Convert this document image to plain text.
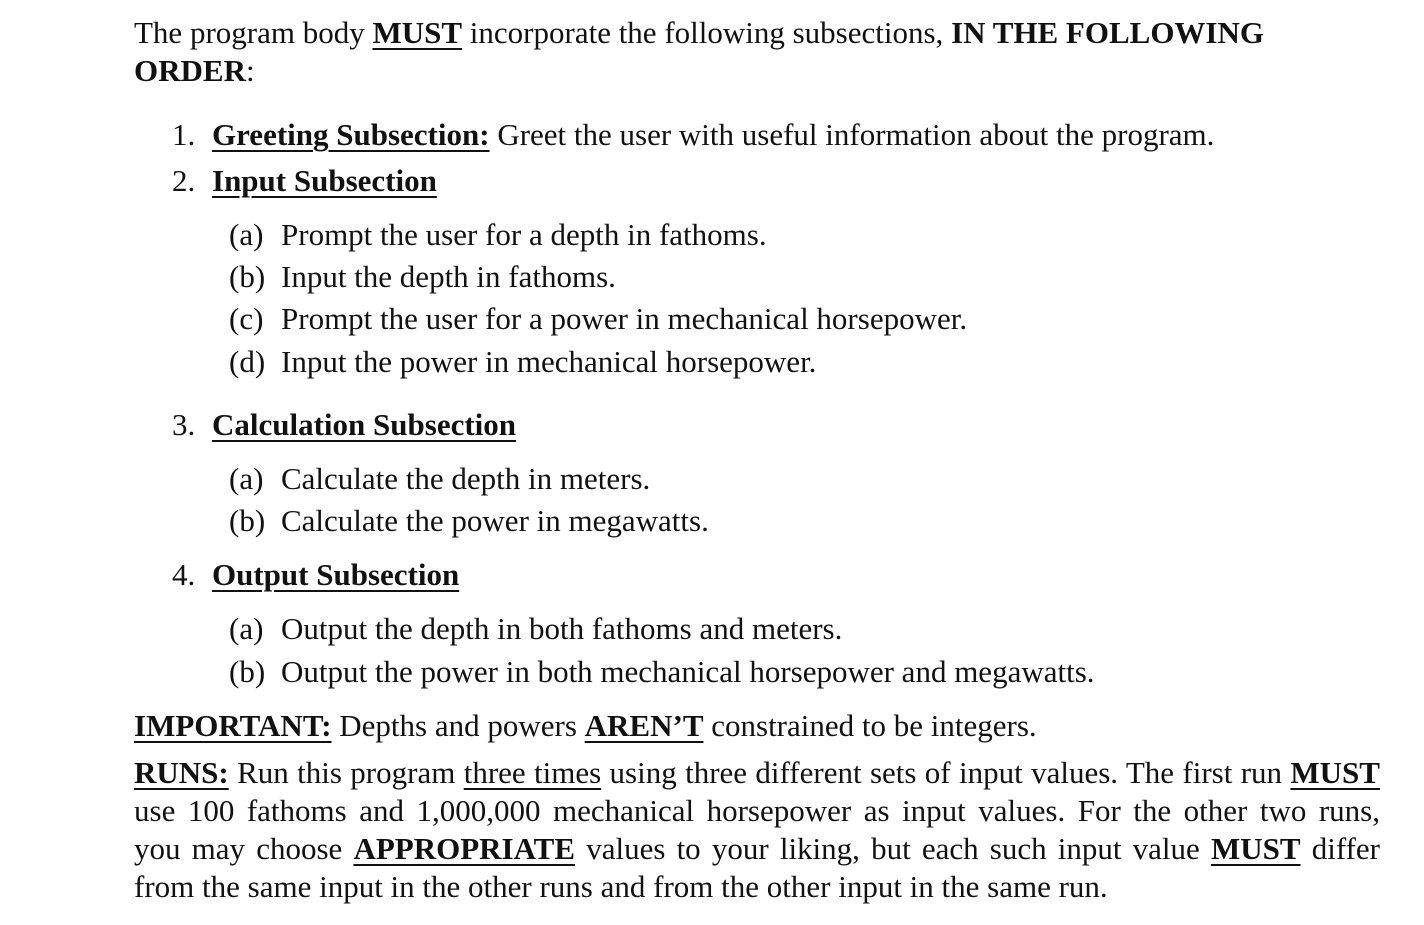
The program body MUST incorporate the following subsections, IN THE FOLLOWING
ORDER:
1. Greeting Subsection: Greet the user with useful information about the program.
2. Input Subsection
(a) Prompt the user for a depth in fathoms.
(b) Input the depth in fathoms.
(c) Prompt the user for a power in mechanical horsepower.
(d) Input the power in mechanical horsepower.
3. Calculation Subsection
(a) Calculate the depth in meters.
(b) Calculate the power in megawatts.
4. Output Subsection
(a) Output the depth in both fathoms and meters.
(b) Output the power in both mechanical horsepower and megawatts.
IMPORTANT: Depths and powers AREN’T constrained to be integers.
RUNS: Run this program three times using three different sets of input values. The first run MUST
use 100 fathoms and 1,000,000 mechanical horsepower as input values. For the other two runs,
you may choose APPROPRIATE values to your liking, but each such input value MUST differ
from the same input in the other runs and from the other input in the same run.
